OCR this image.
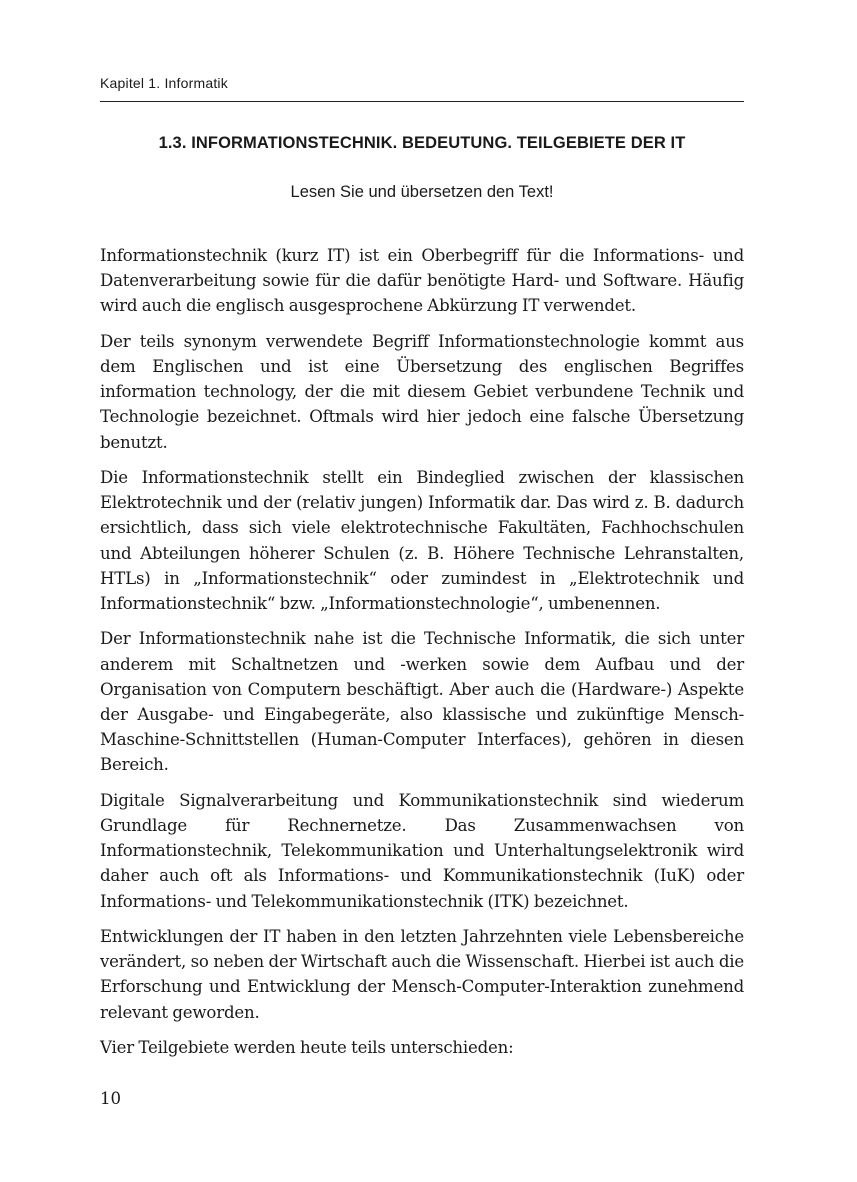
Kapitel 1. Informatik
1.3. INFORMATIONSTECHNIK. BEDEUTUNG. TEILGEBIETE DER IT

Lesen Sie und übersetzen den Text!

Informationstechnik (kurz IT) ist ein Oberbegriff für die Informations- und Datenverarbeitung sowie für die dafür benötigte Hard- und Software. Häufig wird auch die englisch ausgesprochene Abkürzung IT verwendet.

Der teils synonym verwendete Begriff Informationstechnologie kommt aus dem Englischen und ist eine Übersetzung des englischen Begriffes information technology, der die mit diesem Gebiet verbundene Technik und Technologie bezeichnet. Oftmals wird hier jedoch eine falsche Übersetzung benutzt.

Die Informationstechnik stellt ein Bindeglied zwischen der klassischen Elektrotechnik und der (relativ jungen) Informatik dar. Das wird z. B. dadurch ersichtlich, dass sich viele elektrotechnische Fakultäten, Fachhochschulen und Abteilungen höherer Schulen (z. B. Höhere Technische Lehranstalten, HTLs) in „Informationstechnik“ oder zumindest in „Elektrotechnik und Informationstechnik“ bzw. „Informationstechnologie“, umbenennen.

Der Informationstechnik nahe ist die Technische Informatik, die sich unter anderem mit Schaltnetzen und -werken sowie dem Aufbau und der Organisation von Computern beschäftigt. Aber auch die (Hardware-) Aspekte der Ausgabe- und Eingabegeräte, also klassische und zukünftige Mensch-Maschine-Schnittstellen (Human-Computer Interfaces), gehören in diesen Bereich.

Digitale Signalverarbeitung und Kommunikationstechnik sind wiederum Grundlage für Rechnernetze. Das Zusammenwachsen von Informationstechnik, Telekommunikation und Unterhaltungselektronik wird daher auch oft als Informations- und Kommunikationstechnik (IuK) oder Informations- und Telekommunikationstechnik (ITK) bezeichnet.

Entwicklungen der IT haben in den letzten Jahrzehnten viele Lebensbereiche verändert, so neben der Wirtschaft auch die Wissenschaft. Hierbei ist auch die Erforschung und Entwicklung der Mensch-Computer-Interaktion zunehmend relevant geworden.

Vier Teilgebiete werden heute teils unterschieden:

10
